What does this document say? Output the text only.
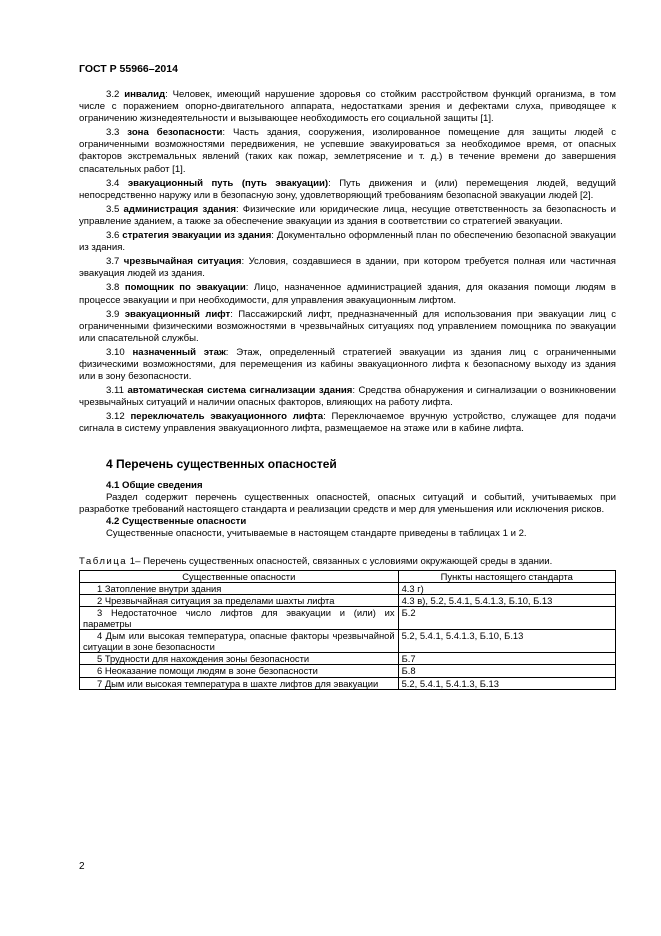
ГОСТ Р 55966–2014

3.2 инвалид: Человек, имеющий нарушение здоровья со стойким расстройством функций организма, в том числе с поражением опорно-двигательного аппарата, недостатками зрения и дефектами слуха, приводящее к ограничению жизнедеятельности и вызывающее необходимость его социальной защиты [1].

3.3 зона безопасности: Часть здания, сооружения, изолированное помещение для защиты людей с ограниченными возможностями передвижения, не успевшие эвакуироваться за необходимое время, от опасных факторов экстремальных явлений (таких как пожар, землетрясение и т. д.) в течение времени до завершения спасательных работ [1].

3.4 эвакуационный путь (путь эвакуации): Путь движения и (или) перемещения людей, ведущий непосредственно наружу или в безопасную зону, удовлетворяющий требованиям безопасной эвакуации людей [2].

3.5 администрация здания: Физические или юридические лица, несущие ответственность за безопасность и управление зданием, а также за обеспечение эвакуации из здания в соответствии со стратегией эвакуации.

3.6 стратегия эвакуации из здания: Документально оформленный план по обеспечению безопасной эвакуации из здания.

3.7 чрезвычайная ситуация: Условия, создавшиеся в здании, при котором требуется полная или частичная эвакуация людей из здания.

3.8 помощник по эвакуации: Лицо, назначенное администрацией здания, для оказания помощи людям в процессе эвакуации и при необходимости, для управления эвакуационным лифтом.

3.9 эвакуационный лифт: Пассажирский лифт, предназначенный для использования при эвакуации лиц с ограниченными физическими возможностями в чрезвычайных ситуациях под управлением помощника по эвакуации или спасательной службы.

3.10 назначенный этаж: Этаж, определенный стратегией эвакуации из здания лиц с ограниченными физическими возможностями, для перемещения из кабины эвакуационного лифта к безопасному выходу из здания или в зону безопасности.

3.11 автоматическая система сигнализации здания: Средства обнаружения и сигнализации о возникновении чрезвычайных ситуаций и наличии опасных факторов, влияющих на работу лифта.

3.12 переключатель эвакуационного лифта: Переключаемое вручную устройство, служащее для подачи сигнала в систему управления эвакуационного лифта, размещаемое на этаже или в кабине лифта.

4 Перечень существенных опасностей
4.1 Общие сведения

Раздел содержит перечень существенных опасностей, опасных ситуаций и событий, учитываемых при разработке требований настоящего стандарта и реализации средств и мер для уменьшения или исключения рисков.

4.2 Существенные опасности

Существенные опасности, учитываемые в настоящем стандарте приведены в таблицах 1 и 2.

Таблица 1– Перечень существенных опасностей, связанных с условиями окружающей среды в здании.
Существенные опасности	Пункты настоящего стандарта
1 Затопление внутри здания	4.3 г)
2 Чрезвычайная ситуация за пределами шахты лифта	4.3 в), 5.2, 5.4.1, 5.4.1.3, Б.10, Б.13
3 Недостаточное число лифтов для эвакуации и (или) их параметры	Б.2
4 Дым или высокая температура, опасные факторы чрезвычайной ситуации в зоне безопасности	5.2, 5.4.1, 5.4.1.3, Б.10, Б.13
5 Трудности для нахождения зоны безопасности	Б.7
6 Неоказание помощи людям в зоне безопасности	Б.8
7 Дым или высокая температура в шахте лифтов для эвакуации	5.2, 5.4.1, 5.4.1.3, Б.13
2
